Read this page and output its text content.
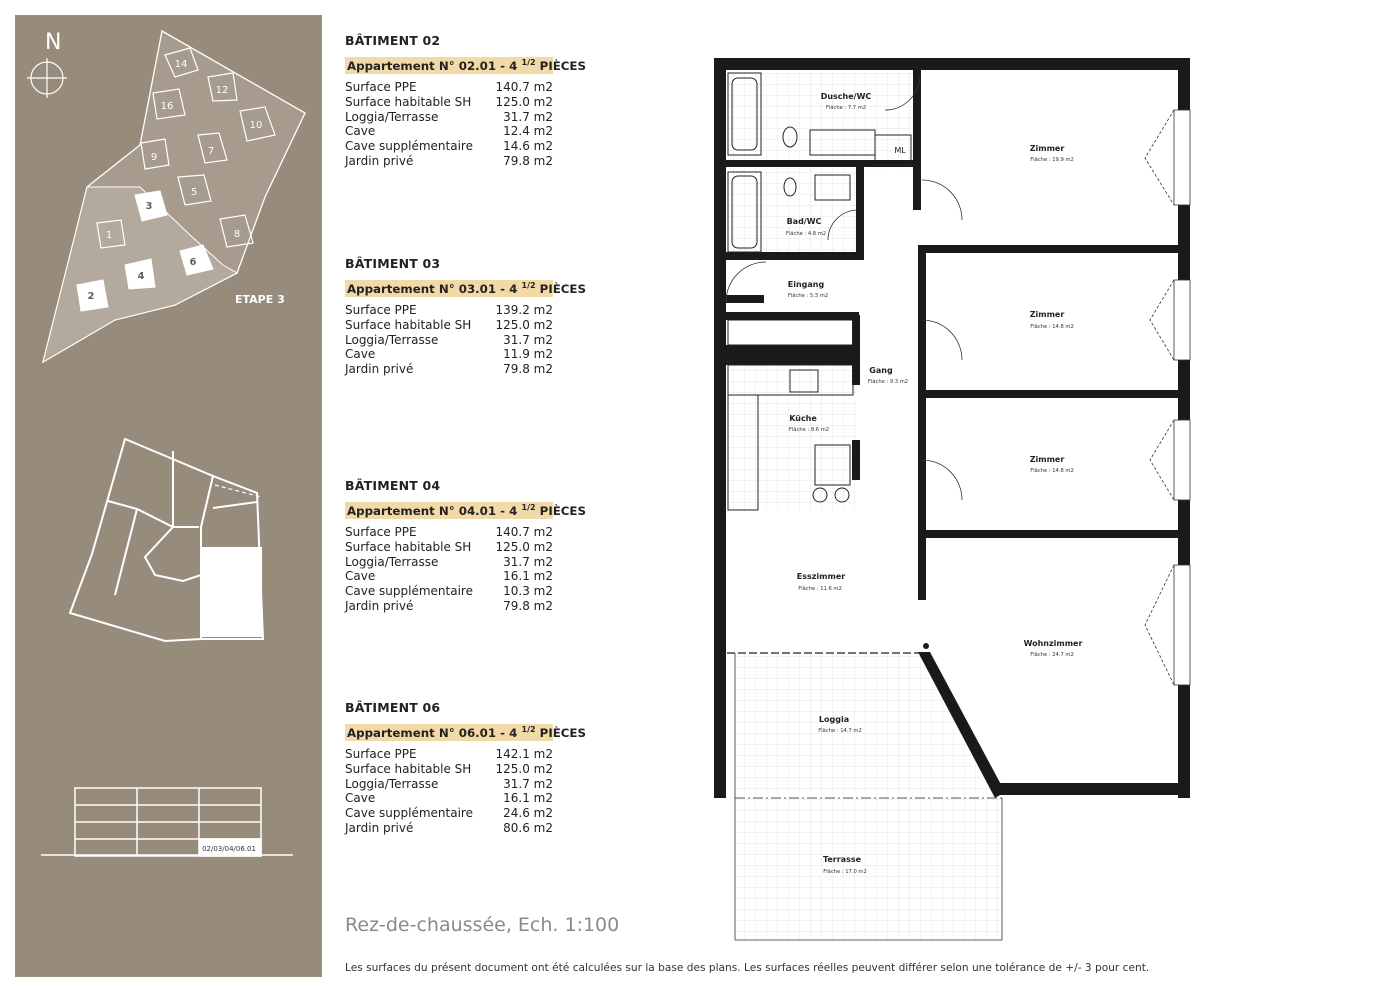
N
14
12
16
10
9
7
3
5
1	8
6
4
2	ETAPE 3
02/03/04/06.01
BÂTIMENT 02
Appartement N° 02.01 - 4 $^{1/2}$ PIÈCES
Surface PPE	140.7 m2
Surface habitable SH 125.0 m2
Loggia/Terrasse	31.7 m2
Cave	12.4 m2
Cave supplémentaire	14.6 m2
Jardin privé	79.8 m2
BÂTIMENT 03
Appartement N° 03.01 - 4 $^{1/2}$ PIÈCES
Surface PPE	139.2 m2
Surface habitable SH 125.0 m2
Loggia/Terrasse	31.7 m2
Cave	11.9 m2
Jardin privé	79.8 m2
BÂTIMENT 04
Appartement N° 04.01 - 4 $^{1/2}$ PIÈCES
Surface PPE	140.7 m2
Surface habitable SH 125.0 m2
Loggia/Terrasse	31.7 m2
Cave	16.1 m2
Cave supplémentaire	10.3 m2
Jardin privé	79.8 m2
BÂTIMENT 06
Appartement N° 06.01 - 4 $^{1/2}$ PIÈCES
Surface PPE	142.1 m2
Surface habitable SH 125.0 m2
Loggia/Terrasse	31.7 m2
Cave	16.1 m2
Cave supplémentaire	24.6 m2
Jardin privé	80.6 m2
Rez-de-chaussée, Ech. 1:100
Les surfaces du présent document ont été calculées sur la base des plans. Les surfaces réelles peuvent différer selon une tolérance de +/- 3 pour cent.
Dusche/WC
Fläche : 7.7 m2
ML	Zimmer
Fläche : 19.9 m2
Bad/WC
Fläche : 4.8 m2
Eingang
Fläche : 5.3 m2
Zimmer
Fläche : 14.8 m2
Gang
Fläche : 9.3 m2
Küche
Fläche : 8.6 m2
Zimmer
Fläche : 14.8 m2
Esszimmer
Fläche : 11.6 m2
Wohnzimmer
Fläche : 24.7 m2
Loggia
Fläche : 14.7 m2
Terrasse
Fläche : 17.0 m2
